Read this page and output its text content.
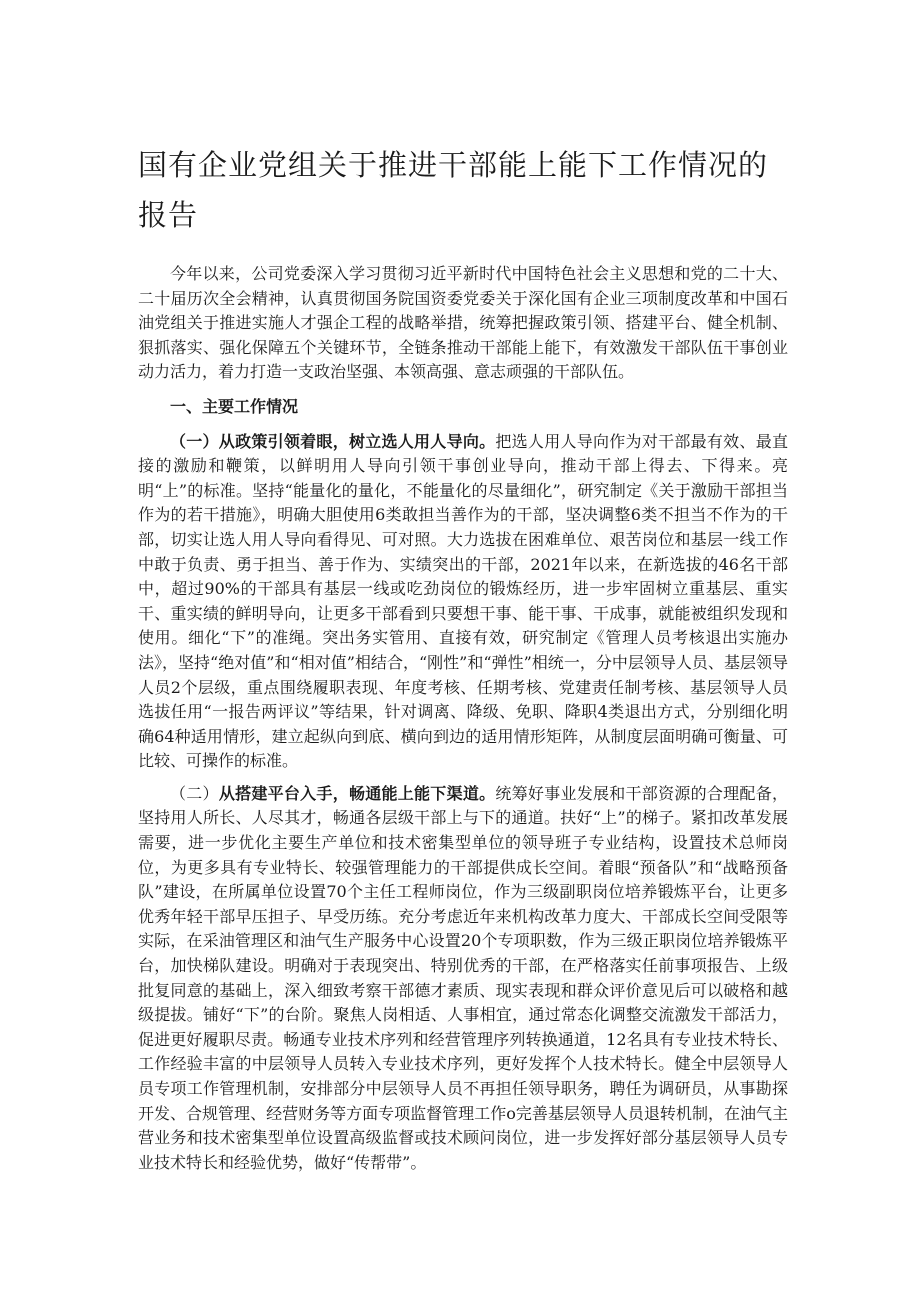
国有企业党组关于推进干部能上能下工作情况的报告

今年以来，公司党委深入学习贯彻习近平新时代中国特色社会主义思想和党的二十大、二十届历次全会精神，认真贯彻国务院国资委党委关于深化国有企业三项制度改革和中国石油党组关于推进实施人才强企工程的战略举措，统筹把握政策引领、搭建平台、健全机制、狠抓落实、强化保障五个关键环节，全链条推动干部能上能下，有效激发干部队伍干事创业动力活力，着力打造一支政治坚强、本领高强、意志顽强的干部队伍。

一、主要工作情况

（一）从政策引领着眼，树立选人用人导向。把选人用人导向作为对干部最有效、最直接的激励和鞭策，以鲜明用人导向引领干事创业导向，推动干部上得去、下得来。亮明“上”的标准。坚持“能量化的量化，不能量化的尽量细化”，研究制定《关于激励干部担当作为的若干措施》，明确大胆使用6类敢担当善作为的干部，坚决调整6类不担当不作为的干部，切实让选人用人导向看得见、可对照。大力选拔在困难单位、艰苦岗位和基层一线工作中敢于负责、勇于担当、善于作为、实绩突出的干部，2021年以来，在新选拔的46名干部中，超过90%的干部具有基层一线或吃劲岗位的锻炼经历，进一步牢固树立重基层、重实干、重实绩的鲜明导向，让更多干部看到只要想干事、能干事、干成事，就能被组织发现和使用。细化“下”的准绳。突出务实管用、直接有效，研究制定《管理人员考核退出实施办法》，坚持“绝对值”和“相对值”相结合，“刚性”和“弹性”相统一，分中层领导人员、基层领导人员2个层级，重点围绕履职表现、年度考核、任期考核、党建责任制考核、基层领导人员选拔任用“一报告两评议”等结果，针对调离、降级、免职、降职4类退出方式，分别细化明确64种适用情形，建立起纵向到底、横向到边的适用情形矩阵，从制度层面明确可衡量、可比较、可操作的标准。

（二）从搭建平台入手，畅通能上能下渠道。统筹好事业发展和干部资源的合理配备，坚持用人所长、人尽其才，畅通各层级干部上与下的通道。扶好“上”的梯子。紧扣改革发展需要，进一步优化主要生产单位和技术密集型单位的领导班子专业结构，设置技术总师岗位，为更多具有专业特长、较强管理能力的干部提供成长空间。着眼“预备队”和“战略预备队”建设，在所属单位设置70个主任工程师岗位，作为三级副职岗位培养锻炼平台，让更多优秀年轻干部早压担子、早受历练。充分考虑近年来机构改革力度大、干部成长空间受限等实际，在采油管理区和油气生产服务中心设置20个专项职数，作为三级正职岗位培养锻炼平台，加快梯队建设。明确对于表现突出、特别优秀的干部，在严格落实任前事项报告、上级批复同意的基础上，深入细致考察干部德才素质、现实表现和群众评价意见后可以破格和越级提拔。铺好“下”的台阶。聚焦人岗相适、人事相宜，通过常态化调整交流激发干部活力，促进更好履职尽责。畅通专业技术序列和经营管理序列转换通道，12名具有专业技术特长、工作经验丰富的中层领导人员转入专业技术序列，更好发挥个人技术特长。健全中层领导人员专项工作管理机制，安排部分中层领导人员不再担任领导职务，聘任为调研员，从事勘探开发、合规管理、经营财务等方面专项监督管理工作o完善基层领导人员退转机制，在油气主营业务和技术密集型单位设置高级监督或技术顾问岗位，进一步发挥好部分基层领导人员专业技术特长和经验优势，做好“传帮带”。
